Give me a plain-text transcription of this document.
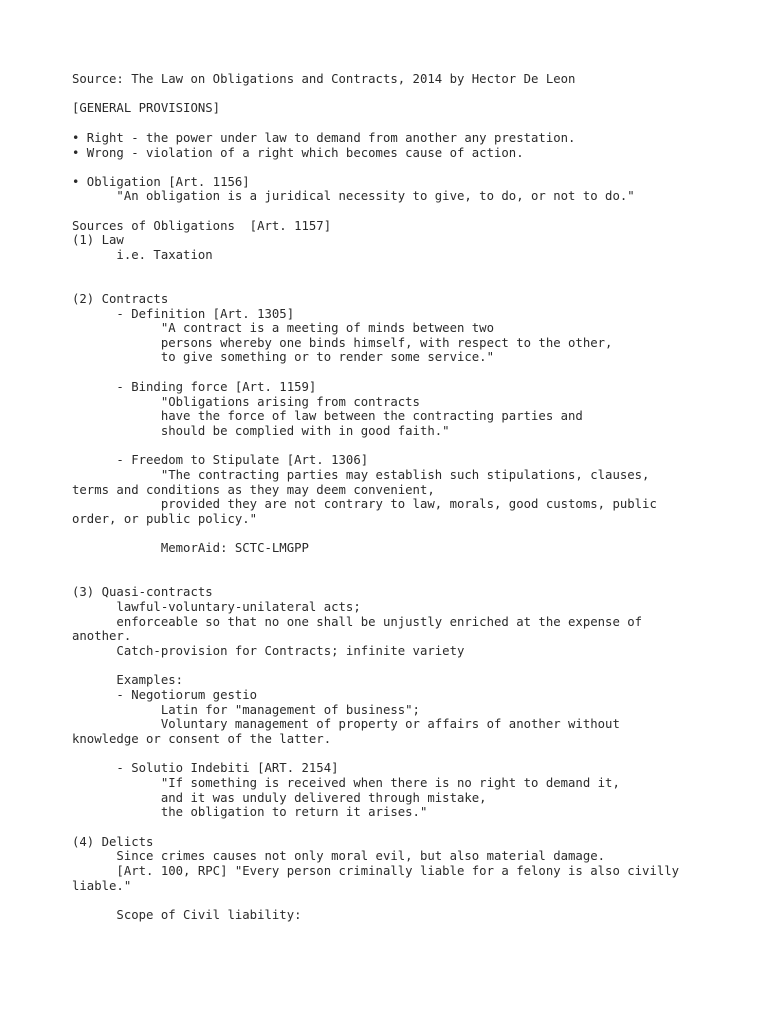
Source: The Law on Obligations and Contracts, 2014 by Hector De Leon
[GENERAL PROVISIONS]
• Right - the power under law to demand from another any prestation.
• Wrong - violation of a right which becomes cause of action.
• Obligation [Art. 1156]
"An obligation is a juridical necessity to give, to do, or not to do."
Sources of Obligations  [Art. 1157]
(1) Law
i.e. Taxation
(2) Contracts
- Definition [Art. 1305]
"A contract is a meeting of minds between two
persons whereby one binds himself, with respect to the other,
to give something or to render some service."
- Binding force [Art. 1159]
"Obligations arising from contracts
have the force of law between the contracting parties and
should be complied with in good faith."
- Freedom to Stipulate [Art. 1306]
"The contracting parties may establish such stipulations, clauses,
terms and conditions as they may deem convenient,
provided they are not contrary to law, morals, good customs, public
order, or public policy."
MemorAid: SCTC-LMGPP
(3) Quasi-contracts
lawful-voluntary-unilateral acts;
enforceable so that no one shall be unjustly enriched at the expense of
another.
Catch-provision for Contracts; infinite variety
Examples:
- Negotiorum gestio
Latin for "management of business";
Voluntary management of property or affairs of another without
knowledge or consent of the latter.
- Solutio Indebiti [ART. 2154]
"If something is received when there is no right to demand it,
and it was unduly delivered through mistake,
the obligation to return it arises."
(4) Delicts
Since crimes causes not only moral evil, but also material damage.
[Art. 100, RPC] "Every person criminally liable for a felony is also civilly
liable."
Scope of Civil liability:
